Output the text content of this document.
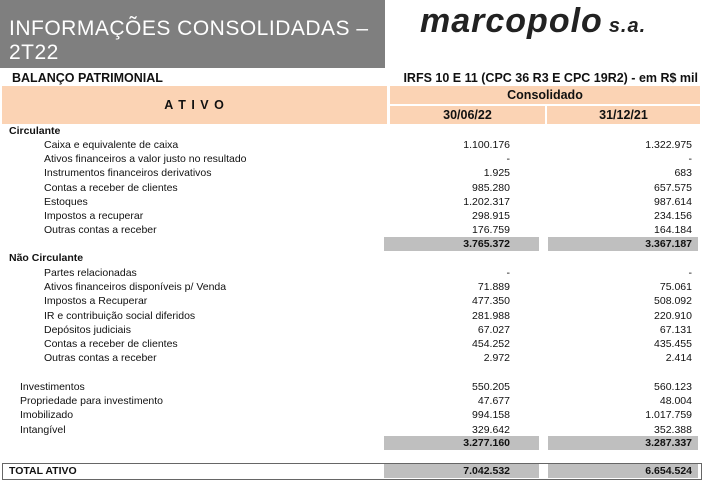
INFORMAÇÕES CONSOLIDADAS – 2T22
marcopolo s.a.
BALANÇO PATRIMONIAL	IRFS 10 E 11 (CPC 36 R3 E CPC 19R2) - em R$ mil
A T I V O
Consolidado
30/06/22	31/12/21
Circulante
Caixa e equivalente de caixa	1.100.176	1.322.975
Ativos financeiros a valor justo no resultado	-	-
Instrumentos financeiros derivativos	1.925	683
Contas a receber de clientes	985.280	657.575
Estoques	1.202.317	987.614
Impostos a recuperar	298.915	234.156
Outras contas a receber	176.759	164.184
3.765.372	3.367.187
Não Circulante
Partes relacionadas	-	-
Ativos financeiros disponíveis p/ Venda	71.889	75.061
Impostos a Recuperar	477.350	508.092
IR e contribuição social diferidos	281.988	220.910
Depósitos judiciais	67.027	67.131
Contas a receber de clientes	454.252	435.455
Outras contas a receber	2.972	2.414
Investimentos	550.205	560.123
Propriedade para investimento	47.677	48.004
Imobilizado	994.158	1.017.759
Intangível	329.642	352.388
3.277.160	3.287.337
TOTAL ATIVO	7.042.532	6.654.524
